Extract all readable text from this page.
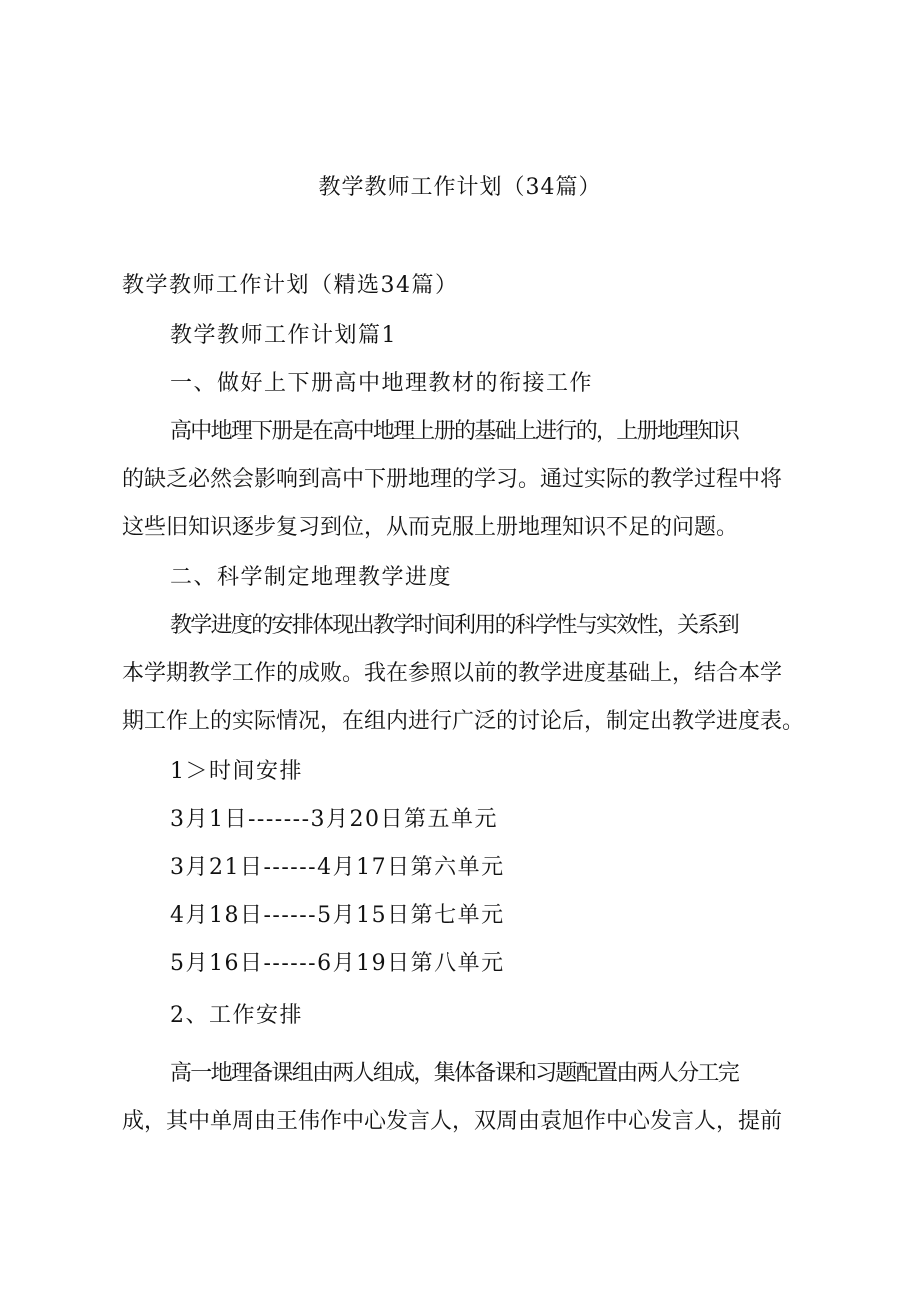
教学教师工作计划（34篇）
教学教师工作计划（精选34篇）
教学教师工作计划篇1
一、做好上下册高中地理教材的衔接工作
高中地理下册是在高中地理上册的基础上进行的，上册地理知识
的缺乏必然会影响到高中下册地理的学习。通过实际的教学过程中将
这些旧知识逐步复习到位，从而克服上册地理知识不足的问题。
二、科学制定地理教学进度
教学进度的安排体现出教学时间利用的科学性与实效性，关系到
本学期教学工作的成败。我在参照以前的教学进度基础上，结合本学
期工作上的实际情况，在组内进行广泛的讨论后，制定出教学进度表。
1＞时间安排
3月1日-------3月20日第五单元
3月21日------4月17日第六单元
4月18日------5月15日第七单元
5月16日------6月19日第八单元
2、工作安排
高一地理备课组由两人组成，集体备课和习题配置由两人分工完
成，其中单周由王伟作中心发言人，双周由袁旭作中心发言人，提前
